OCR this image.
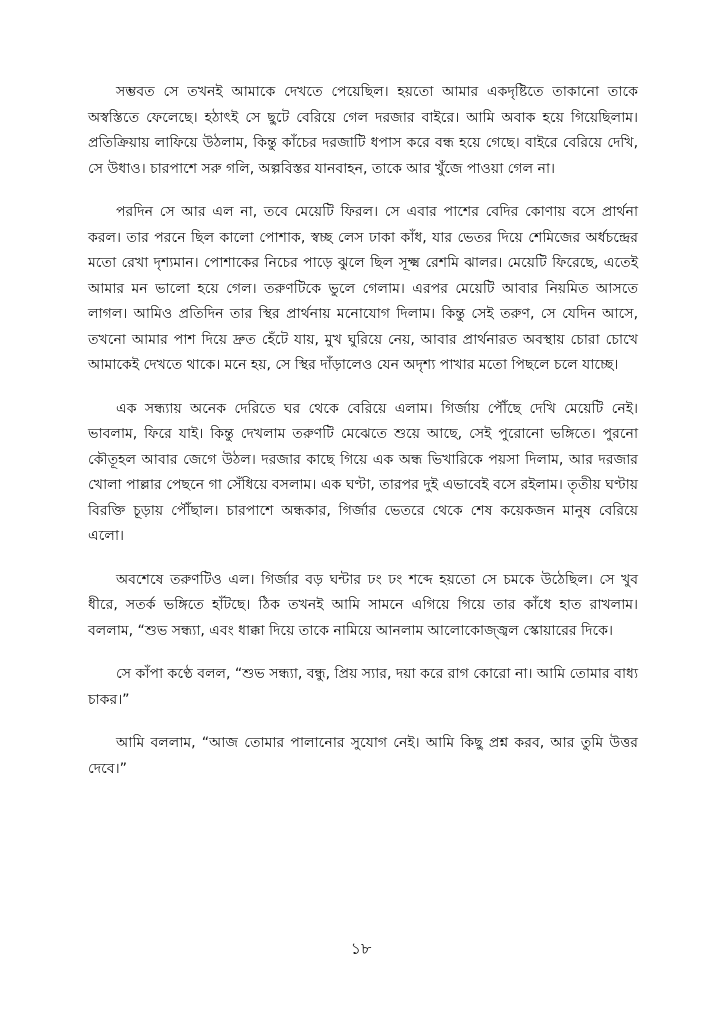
সম্ভবত সে তখনই আমাকে দেখতে পেয়েছিল। হয়তো আমার একদৃষ্টিতে তাকানো তাকে অস্বস্তিতে ফেলেছে। হঠাৎই সে ছুটে বেরিয়ে গেল দরজার বাইরে। আমি অবাক হয়ে গিয়েছিলাম। প্রতিক্রিয়ায় লাফিয়ে উঠলাম, কিন্তু কাঁচের দরজাটি ধপাস করে বন্ধ হয়ে গেছে। বাইরে বেরিয়ে দেখি, সে উধাও। চারপাশে সরু গলি, অল্পবিস্তর যানবাহন, তাকে আর খুঁজে পাওয়া গেল না।

পরদিন সে আর এল না, তবে মেয়েটি ফিরল। সে এবার পাশের বেদির কোণায় বসে প্রার্থনা করল। তার পরনে ছিল কালো পোশাক, স্বচ্ছ লেস ঢাকা কাঁধ, যার ভেতর দিয়ে শেমিজের অর্ধচন্দ্রের মতো রেখা দৃশ্যমান। পোশাকের নিচের পাড়ে ঝুলে ছিল সূক্ষ্ম রেশমি ঝালর। মেয়েটি ফিরেছে, এতেই আমার মন ভালো হয়ে গেল। তরুণটিকে ভুলে গেলাম। এরপর মেয়েটি আবার নিয়মিত আসতে লাগল। আমিও প্রতিদিন তার স্থির প্রার্থনায় মনোযোগ দিলাম। কিন্তু সেই তরুণ, সে যেদিন আসে, তখনো আমার পাশ দিয়ে দ্রুত হেঁটে যায়, মুখ ঘুরিয়ে নেয়, আবার প্রার্থনারত অবস্থায় চোরা চোখে আমাকেই দেখতে থাকে। মনে হয়, সে স্থির দাঁড়ালেও যেন অদৃশ্য পাখার মতো পিছলে চলে যাচ্ছে।

এক সন্ধ্যায় অনেক দেরিতে ঘর থেকে বেরিয়ে এলাম। গির্জায় পৌঁছে দেখি মেয়েটি নেই। ভাবলাম, ফিরে যাই। কিন্তু দেখলাম তরুণটি মেঝেতে শুয়ে আছে, সেই পুরোনো ভঙ্গিতে। পুরনো কৌতূহল আবার জেগে উঠল। দরজার কাছে গিয়ে এক অন্ধ ভিখারিকে পয়সা দিলাম, আর দরজার খোলা পাল্লার পেছনে গা সেঁধিয়ে বসলাম। এক ঘণ্টা, তারপর দুই এভাবেই বসে রইলাম। তৃতীয় ঘণ্টায় বিরক্তি চূড়ায় পৌঁছাল। চারপাশে অন্ধকার, গির্জার ভেতরে থেকে শেষ কয়েকজন মানুষ বেরিয়ে এলো।

অবশেষে তরুণটিও এল। গির্জার বড় ঘন্টার ঢং ঢং শব্দে হয়তো সে চমকে উঠেছিল। সে খুব ধীরে, সতর্ক ভঙ্গিতে হাঁটছে। ঠিক তখনই আমি সামনে এগিয়ে গিয়ে তার কাঁধে হাত রাখলাম। বললাম, “শুভ সন্ধ্যা, এবং ধাক্কা দিয়ে তাকে নামিয়ে আনলাম আলোকোজ্জ্বল স্কোয়ারের দিকে।

সে কাঁপা কণ্ঠে বলল, “শুভ সন্ধ্যা, বন্ধু, প্রিয় স্যার, দয়া করে রাগ কোরো না। আমি তোমার বাধ্য চাকর।”

আমি বললাম, “আজ তোমার পালানোর সুযোগ নেই। আমি কিছু প্রশ্ন করব, আর তুমি উত্তর দেবে।”

১৮
